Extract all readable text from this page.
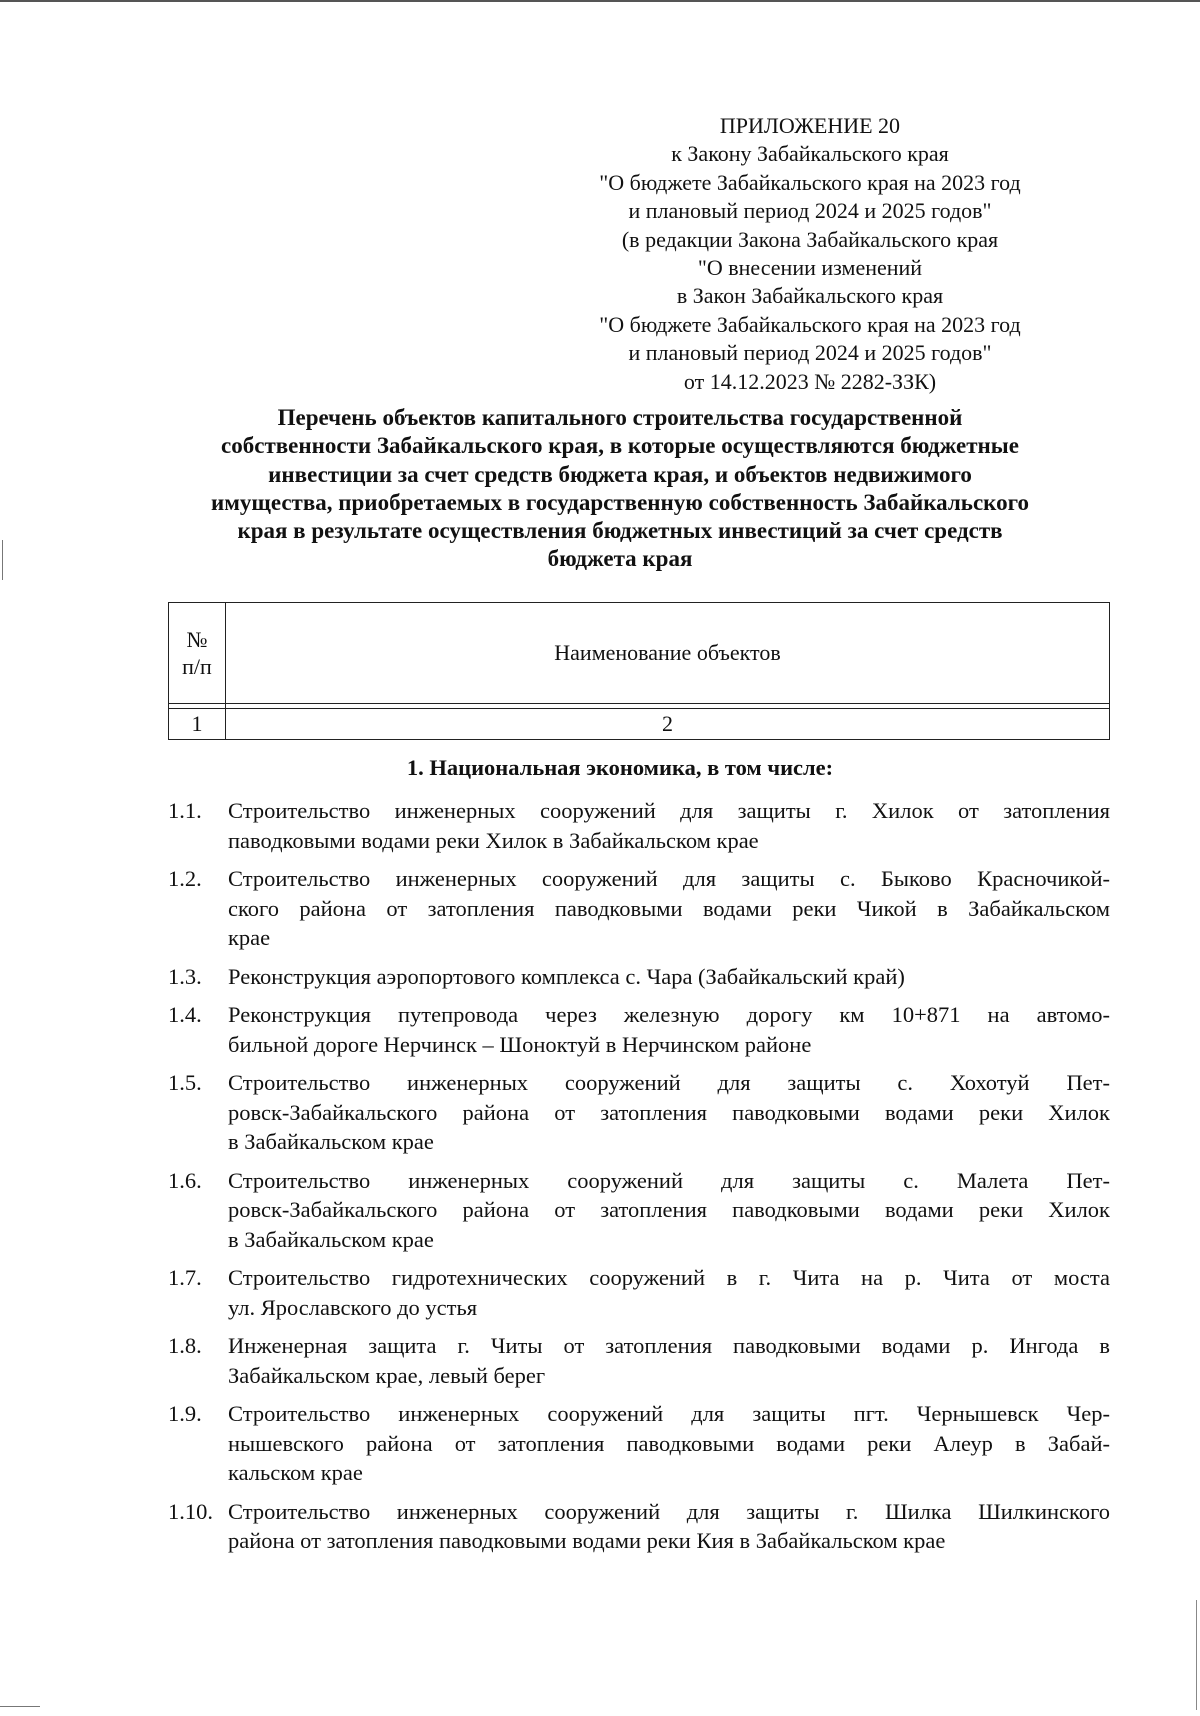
ПРИЛОЖЕНИЕ 20
к Закону Забайкальского края
"О бюджете Забайкальского края на 2023 год
и плановый период 2024 и 2025 годов"
(в редакции Закона Забайкальского края
"О внесении изменений
в Закон Забайкальского края
"О бюджете Забайкальского края на 2023 год
и плановый период 2024 и 2025 годов"
от 14.12.2023 № 2282-ЗЗК)
Перечень объектов капитального строительства государственной
собственности Забайкальского края, в которые осуществляются бюджетные
инвестиции за счет средств бюджета края, и объектов недвижимого
имущества, приобретаемых в государственную собственность Забайкальского
края в результате осуществления бюджетных инвестиций за счет средств
бюджета края
№
п/п	Наименование объектов

1	2
1. Национальная экономика, в том числе:
1.1.	Строительство инженерных сооружений для защиты г. Хилок от затопления
паводковыми водами реки Хилок в Забайкальском крае
1.2.	Строительство инженерных сооружений для защиты с. Быково Красночикой-
ского района от затопления паводковыми водами реки Чикой в Забайкальском
крае
1.3.	Реконструкция аэропортового комплекса с. Чара (Забайкальский край)
1.4.	Реконструкция путепровода через железную дорогу км 10+871 на автомо-
бильной дороге Нерчинск – Шоноктуй в Нерчинском районе
1.5.	Строительство инженерных сооружений для защиты с. Хохотуй Пет-
ровск-Забайкальского района от затопления паводковыми водами реки Хилок
в Забайкальском крае
1.6.	Строительство инженерных сооружений для защиты с. Малета Пет-
ровск-Забайкальского района от затопления паводковыми водами реки Хилок
в Забайкальском крае
1.7.	Строительство гидротехнических сооружений в г. Чита на р. Чита от моста
ул. Ярославского до устья
1.8.	Инженерная защита г. Читы от затопления паводковыми водами р. Ингода в
Забайкальском крае, левый берег
1.9.	Строительство инженерных сооружений для защиты пгт. Чернышевск Чер-
нышевского района от затопления паводковыми водами реки Алеур в Забай-
кальском крае
1.10. Строительство инженерных сооружений для защиты г. Шилка Шилкинского
района от затопления паводковыми водами реки Кия в Забайкальском крае
